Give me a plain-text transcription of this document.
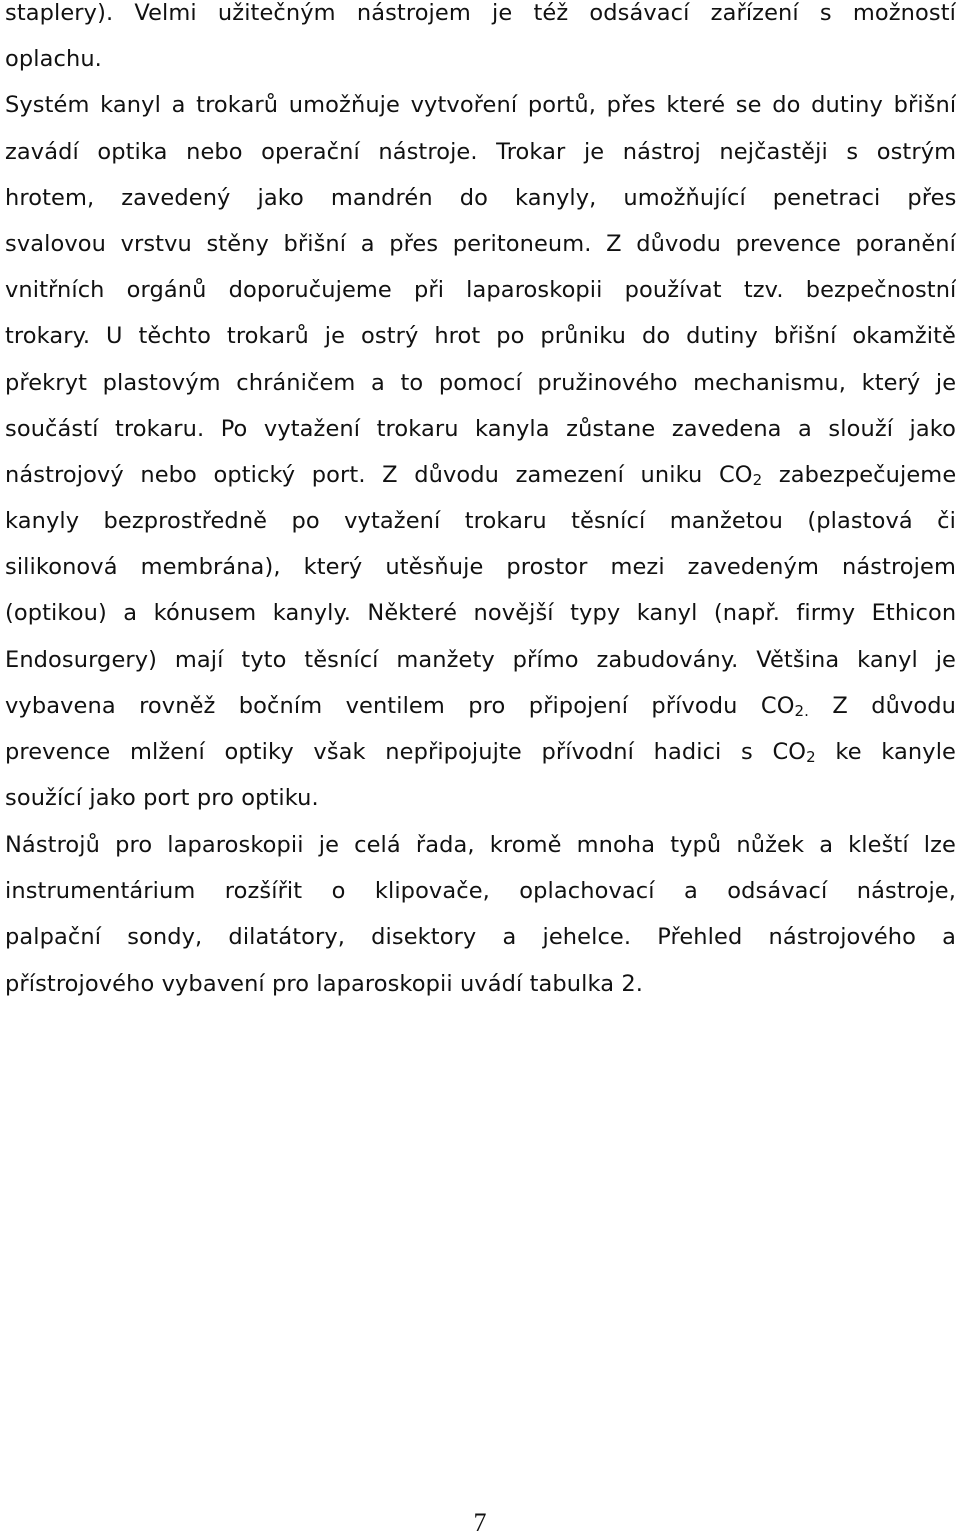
staplery). Velmi užitečným nástrojem je též odsávací zařízení s možností
oplachu.
Systém kanyl a trokarů umožňuje vytvoření portů, přes které se do dutiny břišní
zavádí optika nebo operační nástroje. Trokar je nástroj nejčastěji s ostrým
hrotem, zavedený jako mandrén do kanyly, umožňující penetraci přes
svalovou vrstvu stěny břišní a přes peritoneum. Z důvodu prevence poranění
vnitřních orgánů doporučujeme při laparoskopii používat tzv. bezpečnostní
trokary. U těchto trokarů je ostrý hrot po průniku do dutiny břišní okamžitě
překryt plastovým chráničem a to pomocí pružinového mechanismu, který je
součástí trokaru. Po vytažení trokaru kanyla zůstane zavedena a slouží jako
nástrojový nebo optický port. Z důvodu zamezení uniku $CO_2$ zabezpečujeme
kanyly bezprostředně po vytažení trokaru těsnící manžetou (plastová či
silikonová membrána), který utěsňuje prostor mezi zavedeným nástrojem
(optikou) a kónusem kanyly. Některé novější typy kanyl (např. firmy Ethicon
Endosurgery) mají tyto těsnící manžety přímo zabudovány. Většina kanyl je
vybavena rovněž bočním ventilem pro připojení přívodu $CO_{2.}$ Z důvodu
prevence mlžení optiky však nepřipojujte přívodní hadici s $CO_2$ ke kanyle
soužící jako port pro optiku.
Nástrojů pro laparoskopii je celá řada, kromě mnoha typů nůžek a kleští lze
instrumentárium rozšířit o klipovače, oplachovací a odsávací nástroje,
palpační sondy, dilatátory, disektory a jehelce. Přehled nástrojového a
přístrojového vybavení pro laparoskopii uvádí tabulka 2.
7
